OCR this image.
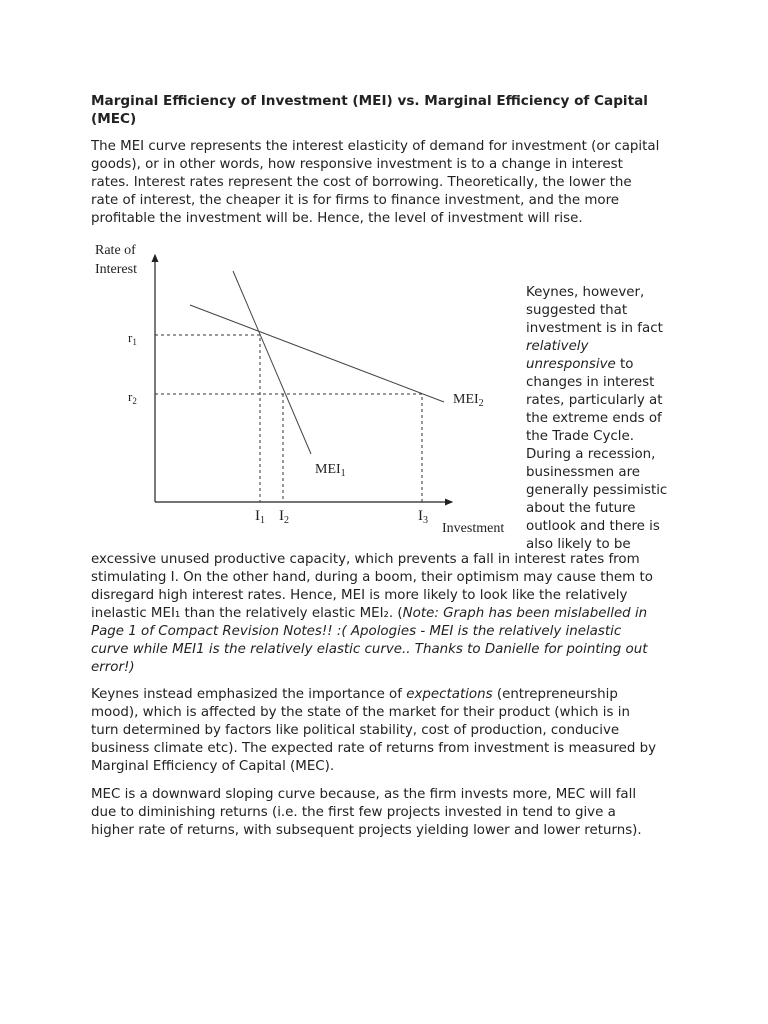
Marginal Efficiency of Investment (MEI) vs. Marginal Efficiency of Capital
(MEC)
The MEI curve represents the interest elasticity of demand for investment (or capital
goods), or in other words, how responsive investment is to a change in interest
rates. Interest rates represent the cost of borrowing. Theoretically, the lower the
rate of interest, the cheaper it is for firms to finance investment, and the more
profitable the investment will be. Hence, the level of investment will rise.
Rate of
Interest
Investment
$r_1$
$r_2$
$I_1$ $I_2$	$I_3$
$MEI_1$
$MEI_2$
Keynes, however,
suggested that
investment is in fact
relatively
unresponsive to
changes in interest
rates, particularly at
the extreme ends of
the Trade Cycle.
During a recession,
businessmen are
generally pessimistic
about the future
outlook and there is
also likely to be
excessive unused productive capacity, which prevents a fall in interest rates from
stimulating I. On the other hand, during a boom, their optimism may cause them to
disregard high interest rates. Hence, MEI is more likely to look like the relatively
inelastic MEI₁ than the relatively elastic MEI₂. (Note: Graph has been mislabelled in
Page 1 of Compact Revision Notes!! :( Apologies - MEI is the relatively inelastic
curve while MEI1 is the relatively elastic curve.. Thanks to Danielle for pointing out
error!)
Keynes instead emphasized the importance of expectations (entrepreneurship
mood), which is affected by the state of the market for their product (which is in
turn determined by factors like political stability, cost of production, conducive
business climate etc). The expected rate of returns from investment is measured by
Marginal Efficiency of Capital (MEC).
MEC is a downward sloping curve because, as the firm invests more, MEC will fall
due to diminishing returns (i.e. the first few projects invested in tend to give a
higher rate of returns, with subsequent projects yielding lower and lower returns).
